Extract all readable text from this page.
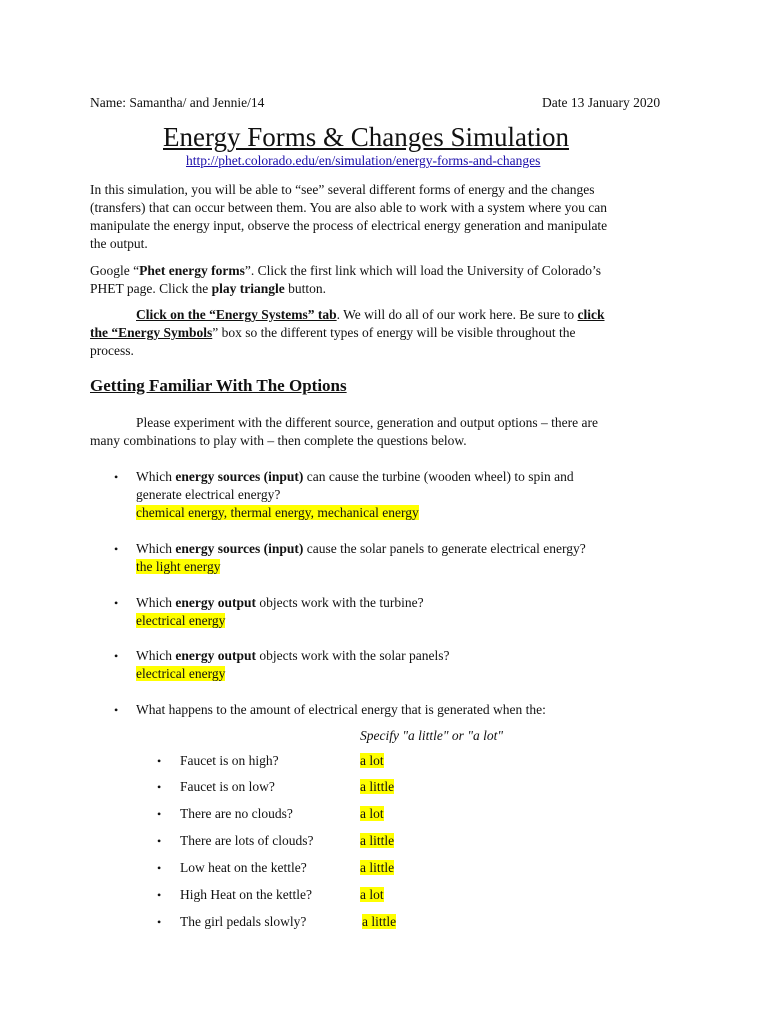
Name: Samantha/ and Jennie/14	Date 13 January 2020
Energy Forms & Changes Simulation
http://phet.colorado.edu/en/simulation/energy-forms-and-changes
In this simulation, you will be able to “see” several different forms of energy and the changes
(transfers) that can occur between them. You are also able to work with a system where you can
manipulate the energy input, observe the process of electrical energy generation and manipulate
the output.
Google “Phet energy forms”. Click the first link which will load the University of Colorado’s
PHET page. Click the play triangle button.
Click on the “Energy Systems” tab. We will do all of our work here. Be sure to click
the “Energy Symbols” box so the different types of energy will be visible throughout the
process.
Getting Familiar With The Options
Please experiment with the different source, generation and output options – there are
many combinations to play with – then complete the questions below.
• Which energy sources (input) can cause the turbine (wooden wheel) to spin and
generate electrical energy?
chemical energy, thermal energy, mechanical energy
• Which energy sources (input) cause the solar panels to generate electrical energy?
the light energy
• Which energy output objects work with the turbine?
electrical energy
• Which energy output objects work with the solar panels?
electrical energy
• What happens to the amount of electrical energy that is generated when the:
Specify "a little" or "a lot"
• Faucet is on high?	a lot
• Faucet is on low?	a little
• There are no clouds?	a lot
• There are lots of clouds?	a little
• Low heat on the kettle?	a little
• High Heat on the kettle?	a lot
• The girl pedals slowly?	a little
